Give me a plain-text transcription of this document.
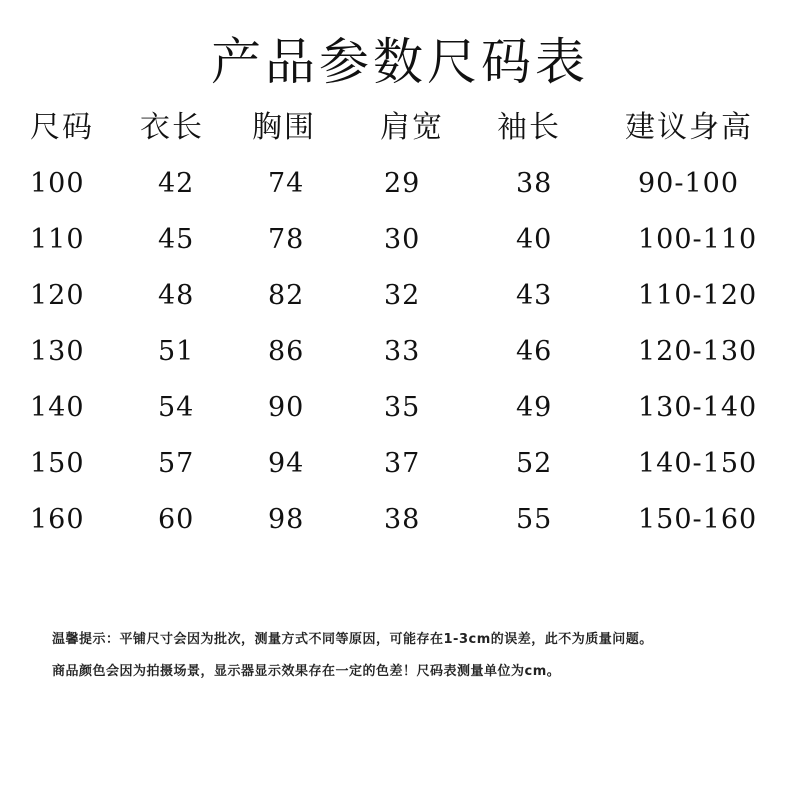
产品参数尺码表
尺码 衣长 胸围 肩宽 袖长 建议身高
100	42	74	29	38	90-100
110	45	78	30	40	100-110
120	48	82	32	43	110-120
130	51	86	33	46	120-130
140	54	90	35	49	130-140
150	57	94	37	52	140-150
160	60	98	38	55	150-160
温馨提示：平铺尺寸会因为批次，测量方式不同等原因，可能存在1-3cm的误差，此不为质量问题。
商品颜色会因为拍摄场景，显示器显示效果存在一定的色差！尺码表测量单位为cm。
